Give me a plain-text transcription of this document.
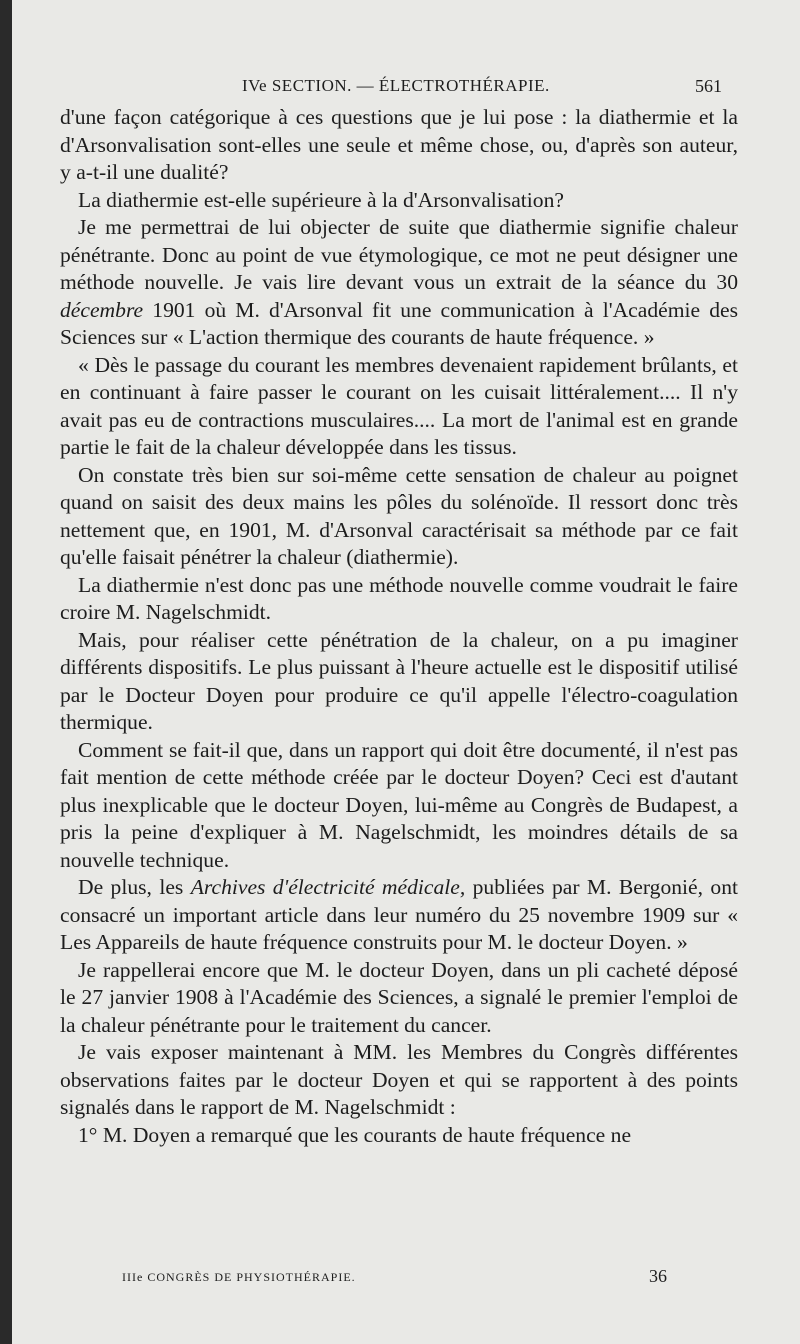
IVe SECTION. — ÉLECTROTHÉRAPIE.	561

d'une façon catégorique à ces questions que je lui pose : la diathermie et la d'Arsonvalisation sont-elles une seule et même chose, ou, d'après son auteur, y a-t-il une dualité?

La diathermie est-elle supérieure à la d'Arsonvalisation?

Je me permettrai de lui objecter de suite que diathermie signifie chaleur pénétrante. Donc au point de vue étymologique, ce mot ne peut désigner une méthode nouvelle. Je vais lire devant vous un extrait de la séance du 30 décembre 1901 où M. d'Arsonval fit une communication à l'Académie des Sciences sur « L'action thermique des courants de haute fréquence. »

« Dès le passage du courant les membres devenaient rapidement brûlants, et en continuant à faire passer le courant on les cuisait littéralement.... Il n'y avait pas eu de contractions musculaires.... La mort de l'animal est en grande partie le fait de la chaleur développée dans les tissus.

On constate très bien sur soi-même cette sensation de chaleur au poignet quand on saisit des deux mains les pôles du solénoïde. Il ressort donc très nettement que, en 1901, M. d'Arsonval caractérisait sa méthode par ce fait qu'elle faisait pénétrer la chaleur (diathermie).

La diathermie n'est donc pas une méthode nouvelle comme voudrait le faire croire M. Nagelschmidt.

Mais, pour réaliser cette pénétration de la chaleur, on a pu imaginer différents dispositifs. Le plus puissant à l'heure actuelle est le dispositif utilisé par le Docteur Doyen pour produire ce qu'il appelle l'électro-coagulation thermique.

Comment se fait-il que, dans un rapport qui doit être documenté, il n'est pas fait mention de cette méthode créée par le docteur Doyen? Ceci est d'autant plus inexplicable que le docteur Doyen, lui-même au Congrès de Budapest, a pris la peine d'expliquer à M. Nagelschmidt, les moindres détails de sa nouvelle technique.

De plus, les Archives d'électricité médicale, publiées par M. Bergonié, ont consacré un important article dans leur numéro du 25 novembre 1909 sur « Les Appareils de haute fréquence construits pour M. le docteur Doyen. »

Je rappellerai encore que M. le docteur Doyen, dans un pli cacheté déposé le 27 janvier 1908 à l'Académie des Sciences, a signalé le premier l'emploi de la chaleur pénétrante pour le traitement du cancer.

Je vais exposer maintenant à MM. les Membres du Congrès différentes observations faites par le docteur Doyen et qui se rapportent à des points signalés dans le rapport de M. Nagelschmidt :

1° M. Doyen a remarqué que les courants de haute fréquence ne

IIIe CONGRÈS DE PHYSIOTHÉRAPIE.	36
